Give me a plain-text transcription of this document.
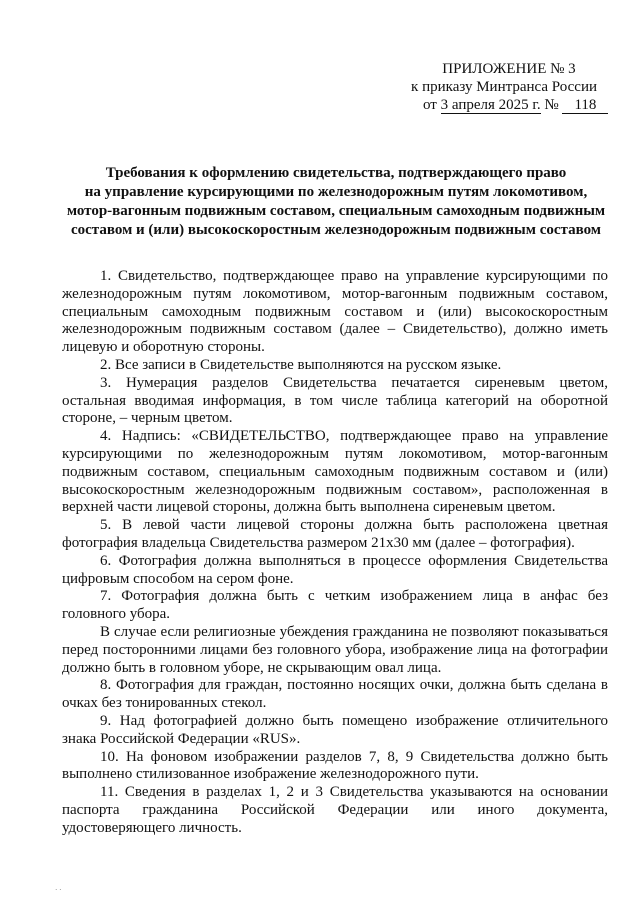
ПРИЛОЖЕНИЕ № 3
к приказу Минтранса России
от 3 апреля 2025 г. № 118
Требования к оформлению свидетельства, подтверждающего право
на управление курсирующими по железнодорожным путям локомотивом,
мотор-вагонным подвижным составом, специальным самоходным подвижным
составом и (или) высокоскоростным железнодорожным подвижным составом

1. Свидетельство, подтверждающее право на управление курсирующими по железнодорожным путям локомотивом, мотор-вагонным подвижным составом, специальным самоходным подвижным составом и (или) высокоскоростным железнодорожным подвижным составом (далее – Свидетельство), должно иметь лицевую и оборотную стороны.

2. Все записи в Свидетельстве выполняются на русском языке.

3. Нумерация разделов Свидетельства печатается сиреневым цветом, остальная вводимая информация, в том числе таблица категорий на оборотной стороне, – черным цветом.

4. Надпись: «СВИДЕТЕЛЬСТВО, подтверждающее право на управление курсирующими по железнодорожным путям локомотивом, мотор-вагонным подвижным составом, специальным самоходным подвижным составом и (или) высокоскоростным железнодорожным подвижным составом», расположенная в верхней части лицевой стороны, должна быть выполнена сиреневым цветом.

5. В левой части лицевой стороны должна быть расположена цветная фотография владельца Свидетельства размером 21x30 мм (далее – фотография).

6. Фотография должна выполняться в процессе оформления Свидетельства цифровым способом на сером фоне.

7. Фотография должна быть с четким изображением лица в анфас без головного убора.

В случае если религиозные убеждения гражданина не позволяют показываться перед посторонними лицами без головного убора, изображение лица на фотографии должно быть в головном уборе, не скрывающим овал лица.

8. Фотография для граждан, постоянно носящих очки, должна быть сделана в очках без тонированных стекол.

9. Над фотографией должно быть помещено изображение отличительного знака Российской Федерации «RUS».

10. На фоновом изображении разделов 7, 8, 9 Свидетельства должно быть выполнено стилизованное изображение железнодорожного пути.

11. Сведения в разделах 1, 2 и 3 Свидетельства указываются на основании паспорта гражданина Российской Федерации или иного документа, удостоверяющего личность.

· ·
